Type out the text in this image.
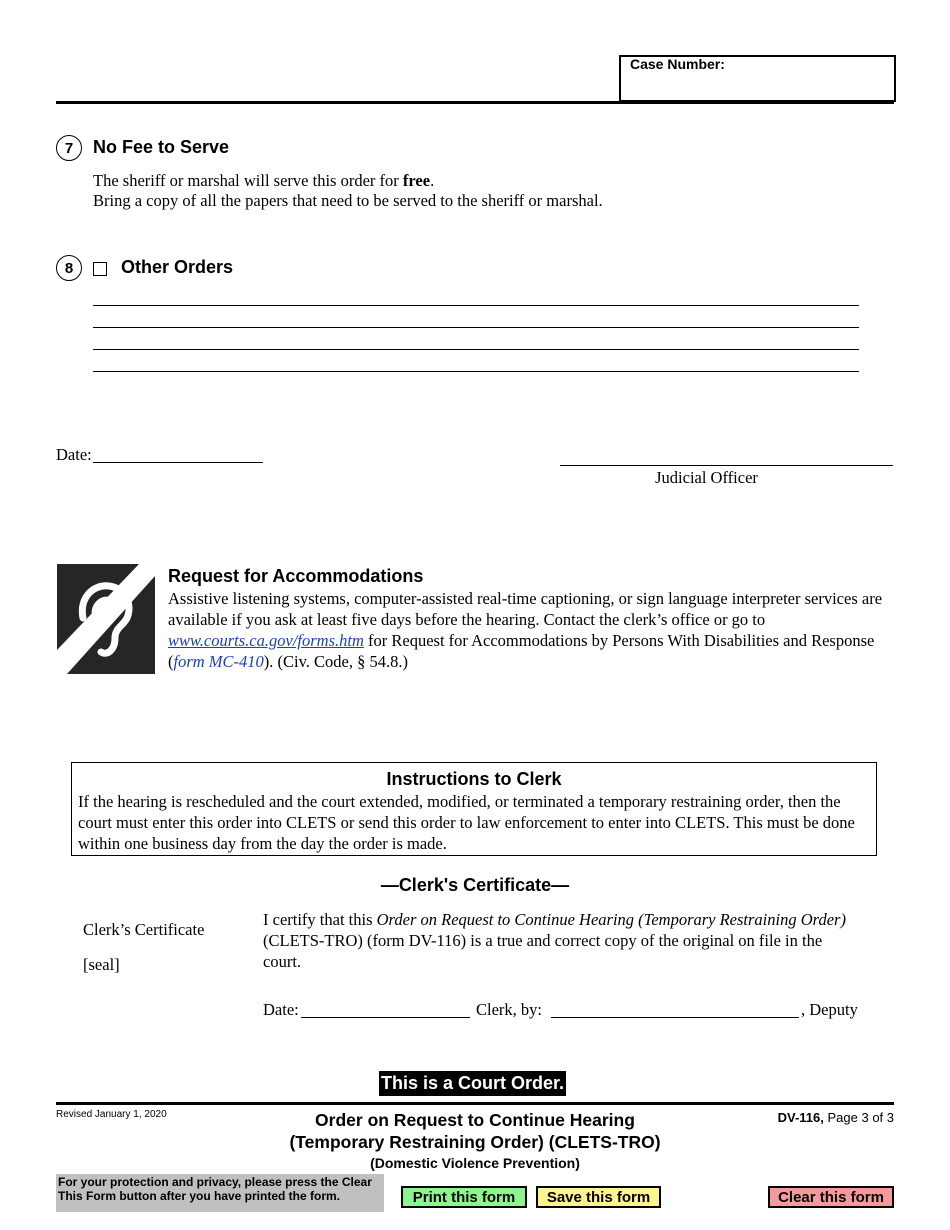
Case Number:
7	No Fee to Serve
The sheriff or marshal will serve this order for free.
Bring a copy of all the papers that need to be served to the sheriff or marshal.
8	Other Orders
Date:
Judicial Officer
Request for Accommodations
Assistive listening systems, computer-assisted real-time captioning, or sign language interpreter services are available if you ask at least five days before the hearing. Contact the clerk’s office or go to www.courts.ca.gov/forms.htm for Request for Accommodations by Persons With Disabilities and Response (form MC-410). (Civ. Code, § 54.8.)
Instructions to Clerk
If the hearing is rescheduled and the court extended, modified, or terminated a temporary restraining order, then the court must enter this order into CLETS or send this order to law enforcement to enter into CLETS. This must be done within one business day from the day the order is made.
—Clerk's Certificate—
Clerk’s Certificate
[seal]
I certify that this Order on Request to Continue Hearing (Temporary Restraining Order) (CLETS-TRO) (form DV-116) is a true and correct copy of the original on file in the court.
Date:	Clerk, by:	, Deputy
This is a Court Order.
Revised January 1, 2020	Order on Request to Continue Hearing
(Temporary Restraining Order) (CLETS-TRO)
(Domestic Violence Prevention)
DV-116, Page 3 of 3
For your protection and privacy, please press the Clear This Form button after you have printed the form.	Print this form	Save this form	Clear this form
